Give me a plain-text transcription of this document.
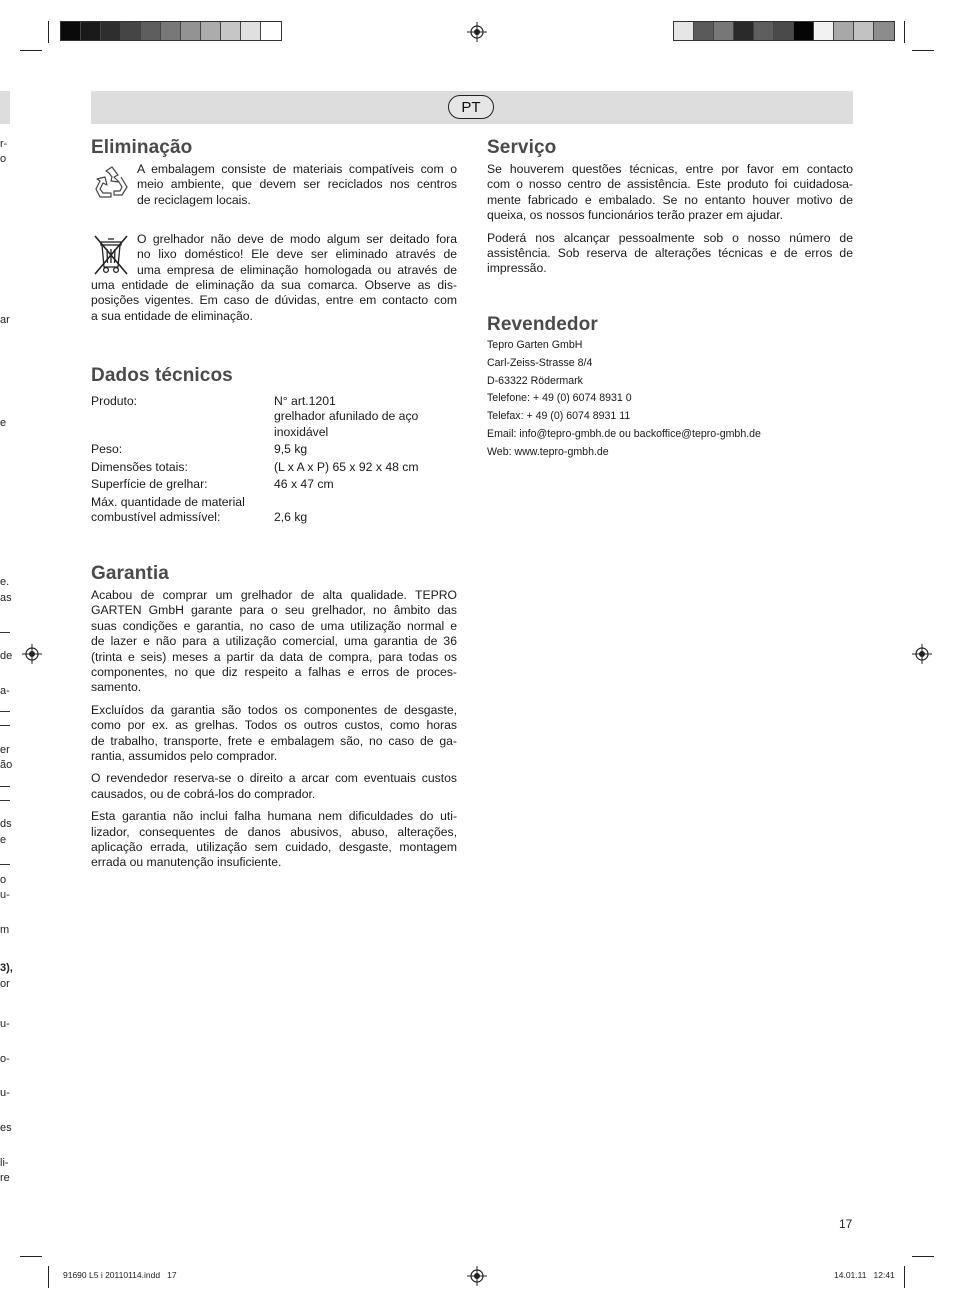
r-
o
ar
e
e.
as
de
a-
er
ão
ds
e
o
u-
m
3),
or
u-
o-
u-
es
li-
re
PT
Eliminação
A embalagem consiste de materiais compatíveis com o
meio ambiente, que devem ser reciclados nos centros
de reciclagem locais.
O grelhador não deve de modo algum ser deitado fora
no lixo doméstico! Ele deve ser eliminado através de
uma empresa de eliminação homologada ou através de
uma entidade de eliminação da sua comarca. Observe as dis-
posições vigentes. Em caso de dúvidas, entre em contacto com
a sua entidade de eliminação.
Dados técnicos
Produto:	N° art.1201
grelhador afunilado de aço
inoxidável
Peso:	9,5 kg
Dimensões totais:	(L x A x P) 65 x 92 x 48 cm
Superfície de grelhar:	46 x 47 cm
Máx. quantidade de material
combustível admissível:
	2,6 kg
Garantia
Acabou de comprar um grelhador de alta qualidade. TEPRO
GARTEN GmbH garante para o seu grelhador, no âmbito das
suas condições e garantia, no caso de uma utilização normal e
de lazer e não para a utilização comercial, uma garantia de 36
(trinta e seis) meses a partir da data de compra, para todas os
componentes, no que diz respeito a falhas e erros de proces-
samento.
Excluídos da garantia são todos os componentes de desgaste,
como por ex. as grelhas. Todos os outros custos, como horas
de trabalho, transporte, frete e embalagem são, no caso de ga-
rantia, assumidos pelo comprador.
O revendedor reserva-se o direito a arcar com eventuais custos
causados, ou de cobrá-los do comprador.
Esta garantia não inclui falha humana nem dificuldades do uti-
lizador, consequentes de danos abusivos, abuso, alterações,
aplicação errada, utilização sem cuidado, desgaste, montagem
errada ou manutenção insuficiente.
Serviço
Se houverem questões técnicas, entre por favor em contacto
com o nosso centro de assistência. Este produto foi cuidadosa-
mente fabricado e embalado. Se no entanto houver motivo de
queixa, os nossos funcionários terão prazer em ajudar.
Poderá nos alcançar pessoalmente sob o nosso número de
assistência. Sob reserva de alterações técnicas e de erros de
impressão.
Revendedor
Tepro Garten GmbH
Carl-Zeiss-Strasse 8/4
D-63322 Rödermark
Telefone: + 49 (0) 6074 8931 0
Telefax: + 49 (0) 6074 8931 11
Email: info@tepro-gmbh.de ou backoffice@tepro-gmbh.de
Web: www.tepro-gmbh.de
17
91690 L5 i 20110114.indd   17	14.01.11   12:41
